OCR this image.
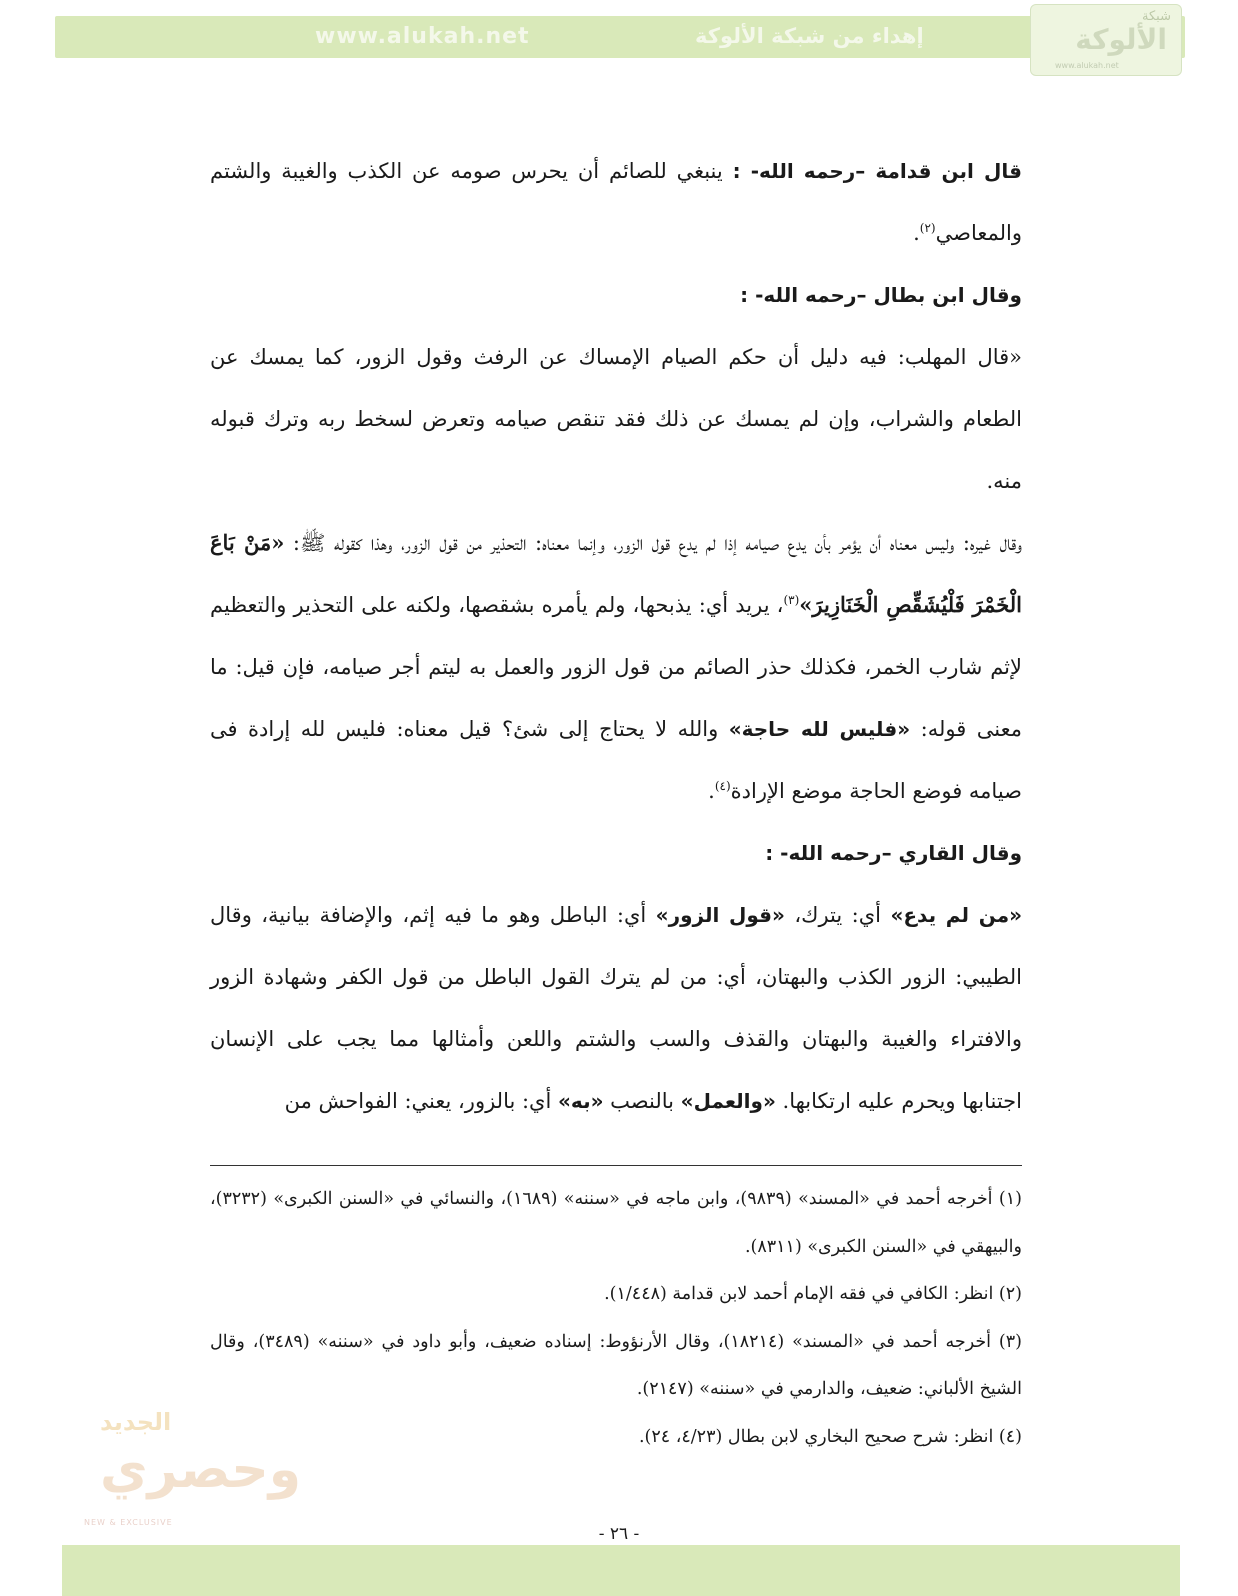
www.alukah.net	إهداء من شبكة الألوكة
شبكة
الألوكة
www.alukah.net

قال ابن قدامة –رحمه الله- : ينبغي للصائم أن يحرس صومه عن الكذب والغيبة والشتم والمعاصي$^{(٢)}$.

وقال ابن بطال –رحمه الله- :

«قال المهلب: فيه دليل أن حكم الصيام الإمساك عن الرفث وقول الزور، كما يمسك عن الطعام والشراب، وإن لم يمسك عن ذلك فقد تنقص صيامه وتعرض لسخط ربه وترك قبوله منه.

وقال غيره: وليس معناه أن يؤمر بأن يدع صيامه إذا لم يدع قول الزور، وإنما معناه: التحذير من قول الزور، وهذا كقوله ﷺ: «مَنْ بَاعَ الْخَمْرَ فَلْيُشَقِّصِ الْخَنَازِيرَ»$^{(٣)}$، يريد أي: يذبحها، ولم يأمره بشقصها، ولكنه على التحذير والتعظيم لإثم شارب الخمر، فكذلك حذر الصائم من قول الزور والعمل به ليتم أجر صيامه، فإن قيل: ما معنى قوله: «فليس لله حاجة» والله لا يحتاج إلى شئ؟ قيل معناه: فليس لله إرادة فى صيامه فوضع الحاجة موضع الإرادة$^{(٤)}$.

وقال القاري –رحمه الله- :

«من لم يدع» أي: يترك، «قول الزور» أي: الباطل وهو ما فيه إثم، والإضافة بيانية، وقال الطيبي: الزور الكذب والبهتان، أي: من لم يترك القول الباطل من قول الكفر وشهادة الزور والافتراء والغيبة والبهتان والقذف والسب والشتم واللعن وأمثالها مما يجب على الإنسان اجتنابها ويحرم عليه ارتكابها. «والعمل» بالنصب «به» أي: بالزور، يعني: الفواحش من

(١) أخرجه أحمد في «المسند» (٩٨٣٩)، وابن ماجه في «سننه» (١٦٨٩)، والنسائي في «السنن الكبرى» (٣٢٣٢)، والبيهقي في «السنن الكبرى» (٨٣١١).

(٢) انظر: الكافي في فقه الإمام أحمد لابن قدامة (١/٤٤٨).

(٣) أخرجه أحمد في «المسند» (١٨٢١٤)، وقال الأرنؤوط: إسناده ضعيف، وأبو داود في «سننه» (٣٤٨٩)، وقال الشيخ الألباني: ضعيف، والدارمي في «سننه» (٢١٤٧).

(٤) انظر: شرح صحيح البخاري لابن بطال (٤/٢٣، ٢٤).

الجديد
وحصري
NEW & EXCLUSIVE
- ٢٦ -
